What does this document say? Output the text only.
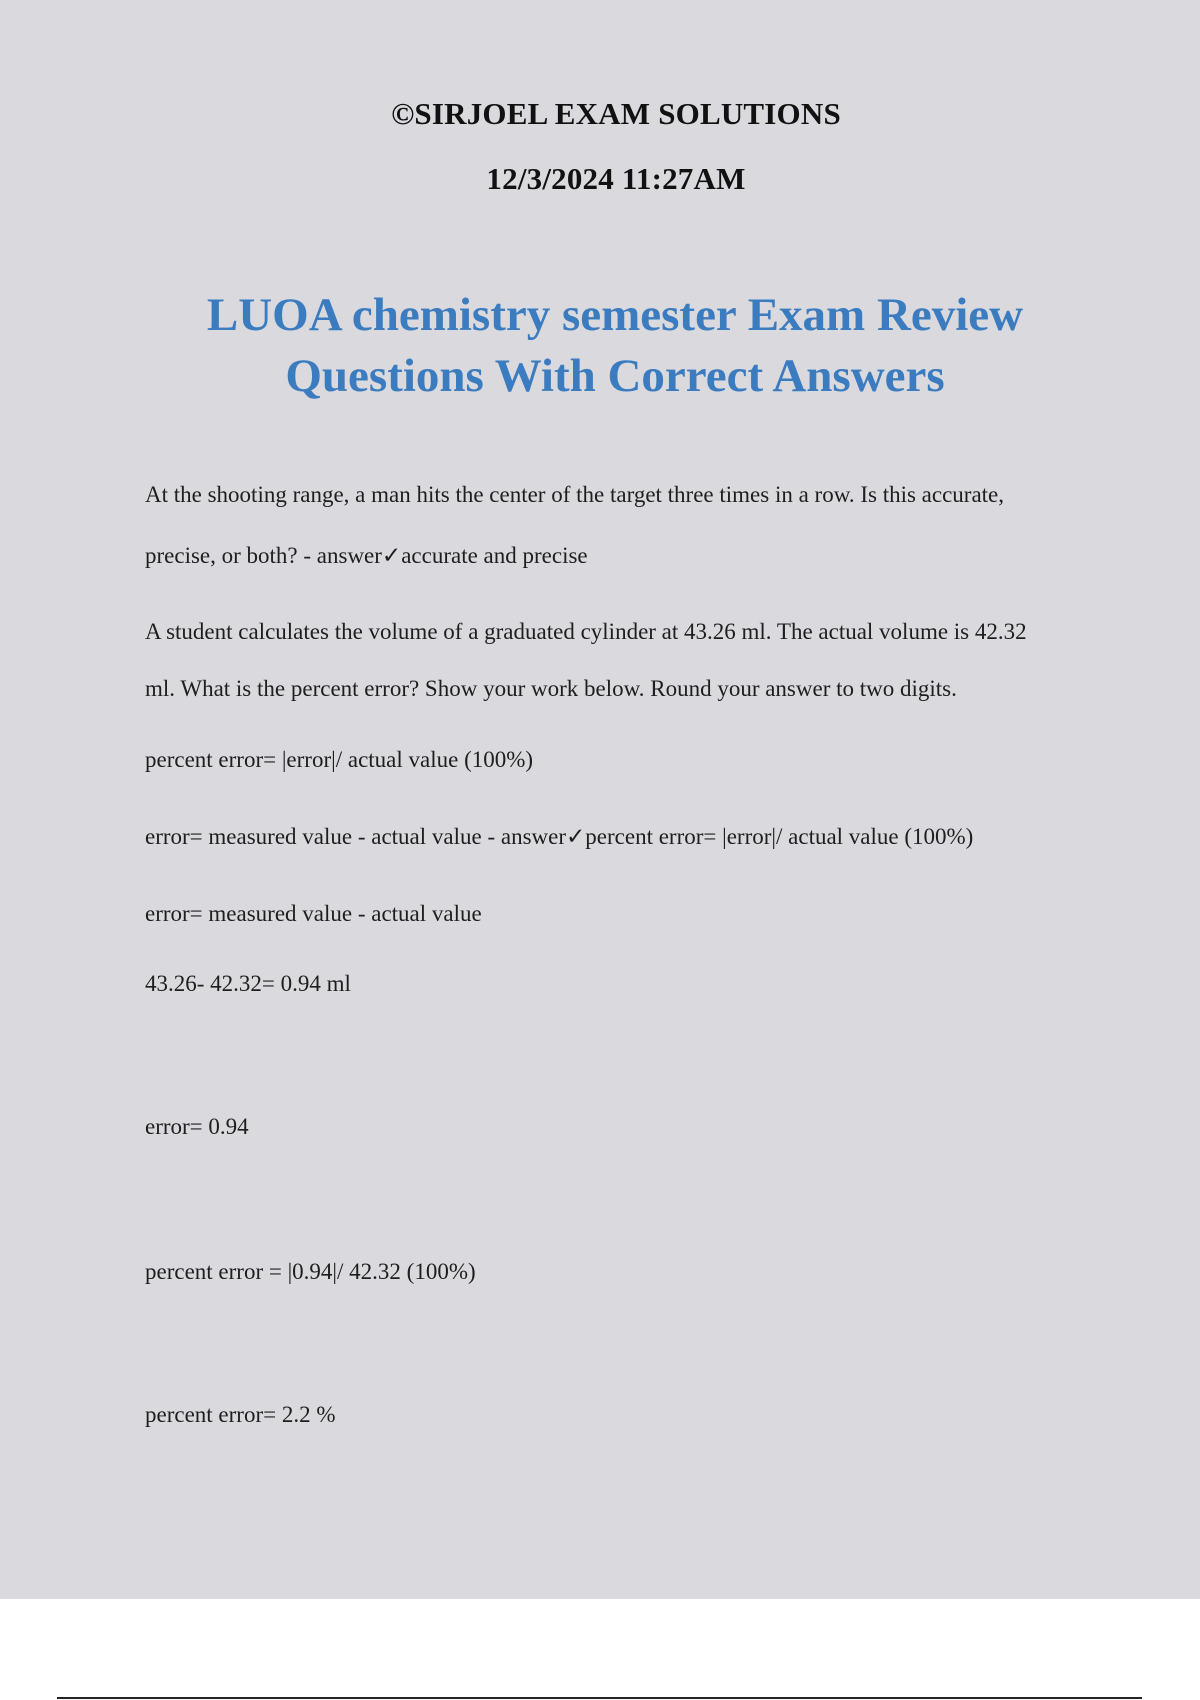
©SIRJOEL EXAM SOLUTIONS
12/3/2024 11:27AM
LUOA chemistry semester Exam Review
Questions With Correct Answers
At the shooting range, a man hits the center of the target three times in a row. Is this accurate,
precise, or both? - answer✓accurate and precise
A student calculates the volume of a graduated cylinder at 43.26 ml. The actual volume is 42.32
ml. What is the percent error? Show your work below. Round your answer to two digits.
percent error= |error|/ actual value (100%)
error= measured value - actual value - answer✓percent error= |error|/ actual value (100%)
error= measured value - actual value
43.26- 42.32= 0.94 ml
error= 0.94
percent error = |0.94|/ 42.32 (100%)
percent error= 2.2 %
